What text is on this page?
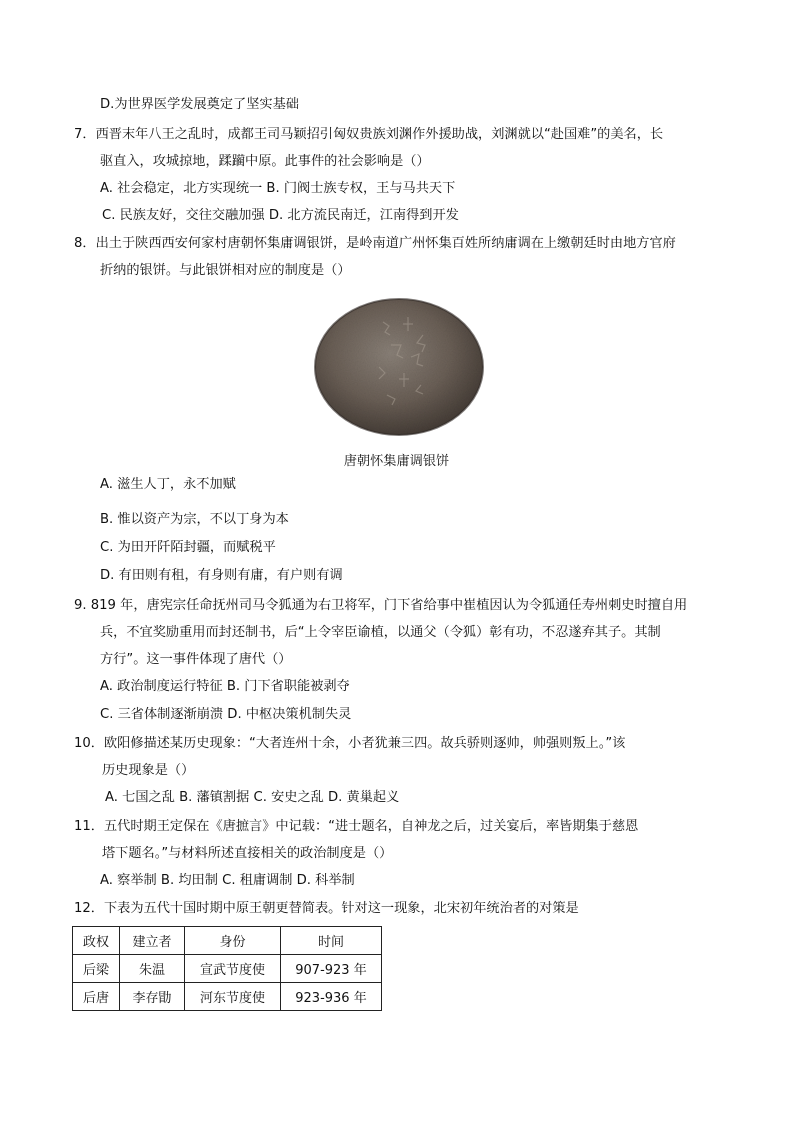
D.为世界医学发展奠定了坚实基础
7．西晋末年八王之乱时，成都王司马颖招引匈奴贵族刘渊作外援助战，刘渊就以“赴国难”的美名，长
驱直入，攻城掠地，蹂躏中原。此事件的社会影响是（）
A. 社会稳定，北方实现统一 B. 门阀士族专权，王与马共天下
C. 民族友好，交往交融加强 D. 北方流民南迁，江南得到开发
8．出土于陕西西安何家村唐朝怀集庸调银饼，是岭南道广州怀集百姓所纳庸调在上缴朝廷时由地方官府
折纳的银饼。与此银饼相对应的制度是（）
唐朝怀集庸调银饼
A. 滋生人丁，永不加赋
B. 惟以资产为宗，不以丁身为本
C. 为田开阡陌封疆，而赋税平
D. 有田则有租，有身则有庸，有户则有调
9. 819 年，唐宪宗任命抚州司马令狐通为右卫将军，门下省给事中崔植因认为令狐通任寿州刺史时擅自用
兵，不宜奖励重用而封还制书，后“上令宰臣谕植，以通父（令狐）彰有功，不忍遂弃其子。其制
方行”。这一事件体现了唐代（）
A. 政治制度运行特征 B. 门下省职能被剥夺
C. 三省体制逐渐崩溃 D. 中枢决策机制失灵
10．欧阳修描述某历史现象：“大者连州十余，小者犹兼三四。故兵骄则逐帅，帅强则叛上。”该
历史现象是（）
A. 七国之乱 B. 藩镇割据 C. 安史之乱 D. 黄巢起义
11．五代时期王定保在《唐摭言》中记载：“进士题名，自神龙之后，过关宴后，率皆期集于慈恩
塔下题名。”与材料所述直接相关的政治制度是（）
A. 察举制 B. 均田制 C. 租庸调制 D. 科举制
12．下表为五代十国时期中原王朝更替简表。针对这一现象，北宋初年统治者的对策是
政权	建立者	身份	时间
后梁	朱温	宣武节度使	907-923 年
后唐	李存勖	河东节度使	923-936 年
